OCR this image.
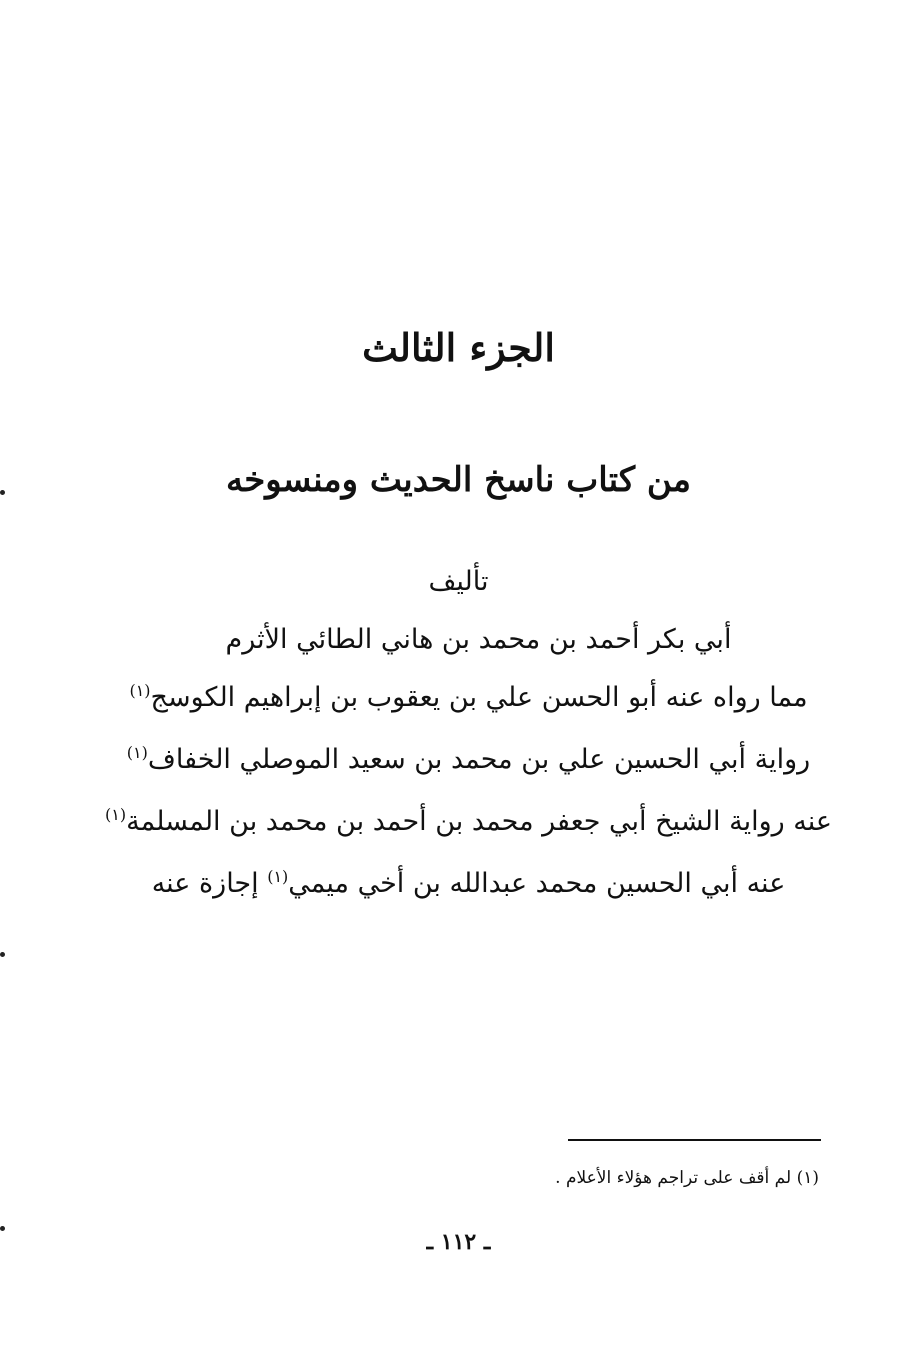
الجزء الثالث
من كتاب ناسخ الحديث ومنسوخه
تأليف
أبي بكر أحمد بن محمد بن هاني الطائي الأثرم
مما رواه عنه أبو الحسن علي بن يعقوب بن إبراهيم الكوسج$^{(١)}$
رواية أبي الحسين علي بن محمد بن سعيد الموصلي الخفاف$^{(١)}$
عنه رواية الشيخ أبي جعفر محمد بن أحمد بن محمد بن المسلمة$^{(١)}$
عنه أبي الحسين محمد عبدالله بن أخي ميمي$^{(١)}$ إجازة عنه
(١) لم أقف على تراجم هؤلاء الأعلام .
ـ ١١٢ ـ
